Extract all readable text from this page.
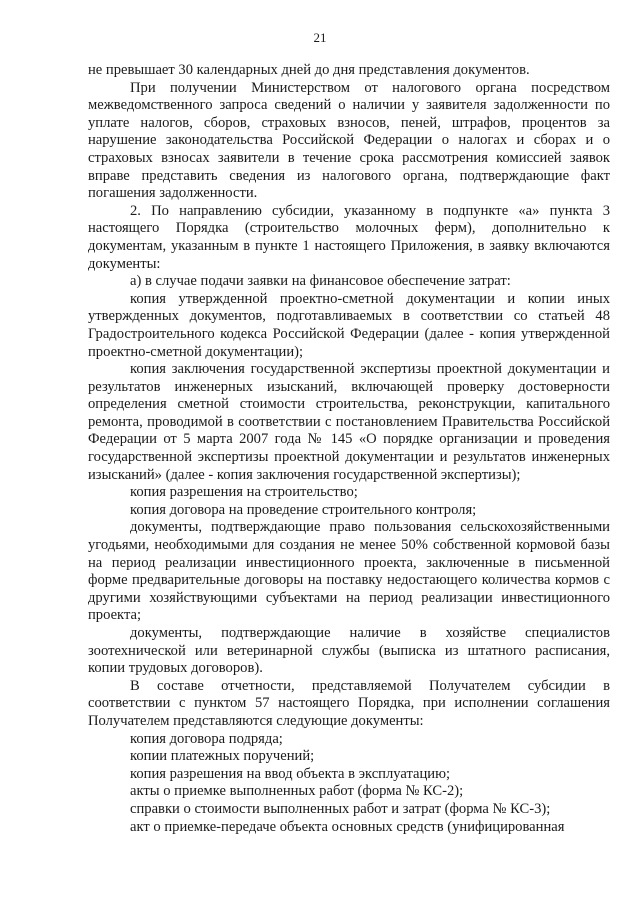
21

не превышает 30 календарных дней до дня представления документов.

При получении Министерством от налогового органа посредством межведомственного запроса сведений о наличии у заявителя задолженности по уплате налогов, сборов, страховых взносов, пеней, штрафов, процентов за нарушение законодательства Российской Федерации о налогах и сборах и о страховых взносах заявители в течение срока рассмотрения комиссией заявок вправе представить сведения из налогового органа, подтверждающие факт погашения задолженности.

2. По направлению субсидии, указанному в подпункте «а» пункта 3 настоящего Порядка (строительство молочных ферм), дополнительно к документам, указанным в пункте 1 настоящего Приложения, в заявку включаются документы:

а) в случае подачи заявки на финансовое обеспечение затрат:

копия утвержденной проектно-сметной документации и копии иных утвержденных документов, подготавливаемых в соответствии со статьей 48 Градостроительного кодекса Российской Федерации (далее - копия утвержденной проектно-сметной документации);

копия заключения государственной экспертизы проектной документации и результатов инженерных изысканий, включающей проверку достоверности определения сметной стоимости строительства, реконструкции, капитального ремонта, проводимой в соответствии с постановлением Правительства Российской Федерации от 5 марта 2007 года № 145 «О порядке организации и проведения государственной экспертизы проектной документации и результатов инженерных изысканий» (далее - копия заключения государственной экспертизы);

копия разрешения на строительство;

копия договора на проведение строительного контроля;

документы, подтверждающие право пользования сельскохозяйственными угодьями, необходимыми для создания не менее 50% собственной кормовой базы на период реализации инвестиционного проекта, заключенные в письменной форме предварительные договоры на поставку недостающего количества кормов с другими хозяйствующими субъектами на период реализации инвестиционного проекта;

документы, подтверждающие наличие в хозяйстве специалистов зоотехнической или ветеринарной службы (выписка из штатного расписания, копии трудовых договоров).

В составе отчетности, представляемой Получателем субсидии в соответствии с пунктом 57 настоящего Порядка, при исполнении соглашения Получателем представляются следующие документы:

копия договора подряда;

копии платежных поручений;

копия разрешения на ввод объекта в эксплуатацию;

акты о приемке выполненных работ (форма № КС-2);

справки о стоимости выполненных работ и затрат (форма № КС-3);

акт о приемке-передаче объекта основных средств (унифицированная
